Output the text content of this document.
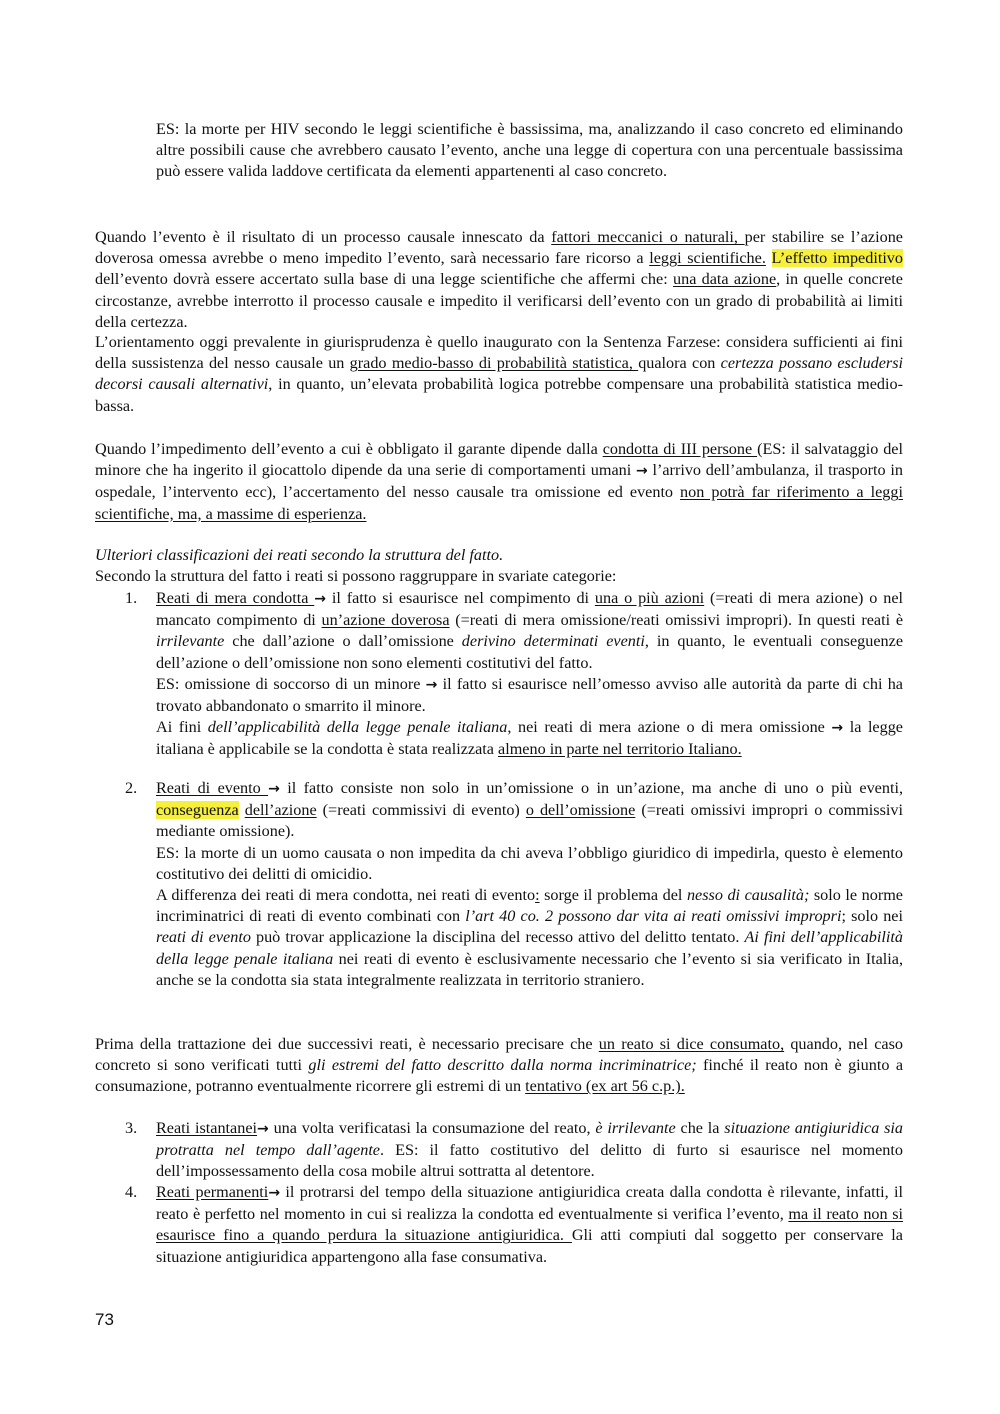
ES: la morte per HIV secondo le leggi scientifiche è bassissima, ma, analizzando il caso concreto ed eliminando altre possibili cause che avrebbero causato l’evento, anche una legge di copertura con una percentuale bassissima può essere valida laddove certificata da elementi appartenenti al caso concreto.

Quando l’evento è il risultato di un processo causale innescato da fattori meccanici o naturali, per stabilire se l’azione doverosa omessa avrebbe o meno impedito l’evento, sarà necessario fare ricorso a leggi scientifiche. L’effetto impeditivo dell’evento dovrà essere accertato sulla base di una legge scientifiche che affermi che: una data azione, in quelle concrete circostanze, avrebbe interrotto il processo causale e impedito il verificarsi dell’evento con un grado di probabilità ai limiti della certezza.

L’orientamento oggi prevalente in giurisprudenza è quello inaugurato con la Sentenza Farzese: considera sufficienti ai fini della sussistenza del nesso causale un grado medio-basso di probabilità statistica, qualora con certezza possano escludersi decorsi causali alternativi, in quanto, un’elevata probabilità logica potrebbe compensare una probabilità statistica medio-bassa.

Quando l’impedimento dell’evento a cui è obbligato il garante dipende dalla condotta di III persone (ES: il salvataggio del minore che ha ingerito il giocattolo dipende da una serie di comportamenti umani → l’arrivo dell’ambulanza, il trasporto in ospedale, l’intervento ecc), l’accertamento del nesso causale tra omissione ed evento non potrà far riferimento a leggi scientifiche, ma, a massime di esperienza.

Ulteriori classificazioni dei reati secondo la struttura del fatto.

Secondo la struttura del fatto i reati si possono raggruppare in svariate categorie:

1. Reati di mera condotta → il fatto si esaurisce nel compimento di una o più azioni (=reati di mera azione) o nel mancato compimento di un’azione doverosa (=reati di mera omissione/reati omissivi impropri). In questi reati è irrilevante che dall’azione o dall’omissione derivino determinati eventi, in quanto, le eventuali conseguenze dell’azione o dell’omissione non sono elementi costitutivi del fatto.

ES: omissione di soccorso di un minore → il fatto si esaurisce nell’omesso avviso alle autorità da parte di chi ha trovato abbandonato o smarrito il minore.

Ai fini dell’applicabilità della legge penale italiana, nei reati di mera azione o di mera omissione → la legge italiana è applicabile se la condotta è stata realizzata almeno in parte nel territorio Italiano.

2. Reati di evento → il fatto consiste non solo in un’omissione o in un’azione, ma anche di uno o più eventi, conseguenza dell’azione (=reati commissivi di evento) o dell’omissione (=reati omissivi impropri o commissivi mediante omissione).

ES: la morte di un uomo causata o non impedita da chi aveva l’obbligo giuridico di impedirla, questo è elemento costitutivo dei delitti di omicidio.

A differenza dei reati di mera condotta, nei reati di evento: sorge il problema del nesso di causalità; solo le norme incriminatrici di reati di evento combinati con l’art 40 co. 2 possono dar vita ai reati omissivi impropri; solo nei reati di evento può trovar applicazione la disciplina del recesso attivo del delitto tentato. Ai fini dell’applicabilità della legge penale italiana nei reati di evento è esclusivamente necessario che l’evento si sia verificato in Italia, anche se la condotta sia stata integralmente realizzata in territorio straniero.

Prima della trattazione dei due successivi reati, è necessario precisare che un reato si dice consumato, quando, nel caso concreto si sono verificati tutti gli estremi del fatto descritto dalla norma incriminatrice; finché il reato non è giunto a consumazione, potranno eventualmente ricorrere gli estremi di un tentativo (ex art 56 c.p.).

3. Reati istantanei→ una volta verificatasi la consumazione del reato, è irrilevante che la situazione antigiuridica sia protratta nel tempo dall’agente. ES: il fatto costitutivo del delitto di furto si esaurisce nel momento dell’impossessamento della cosa mobile altrui sottratta al detentore.

4. Reati permanenti→ il protrarsi del tempo della situazione antigiuridica creata dalla condotta è rilevante, infatti, il reato è perfetto nel momento in cui si realizza la condotta ed eventualmente si verifica l’evento, ma il reato non si esaurisce fino a quando perdura la situazione antigiuridica. Gli atti compiuti dal soggetto per conservare la situazione antigiuridica appartengono alla fase consumativa.

73
